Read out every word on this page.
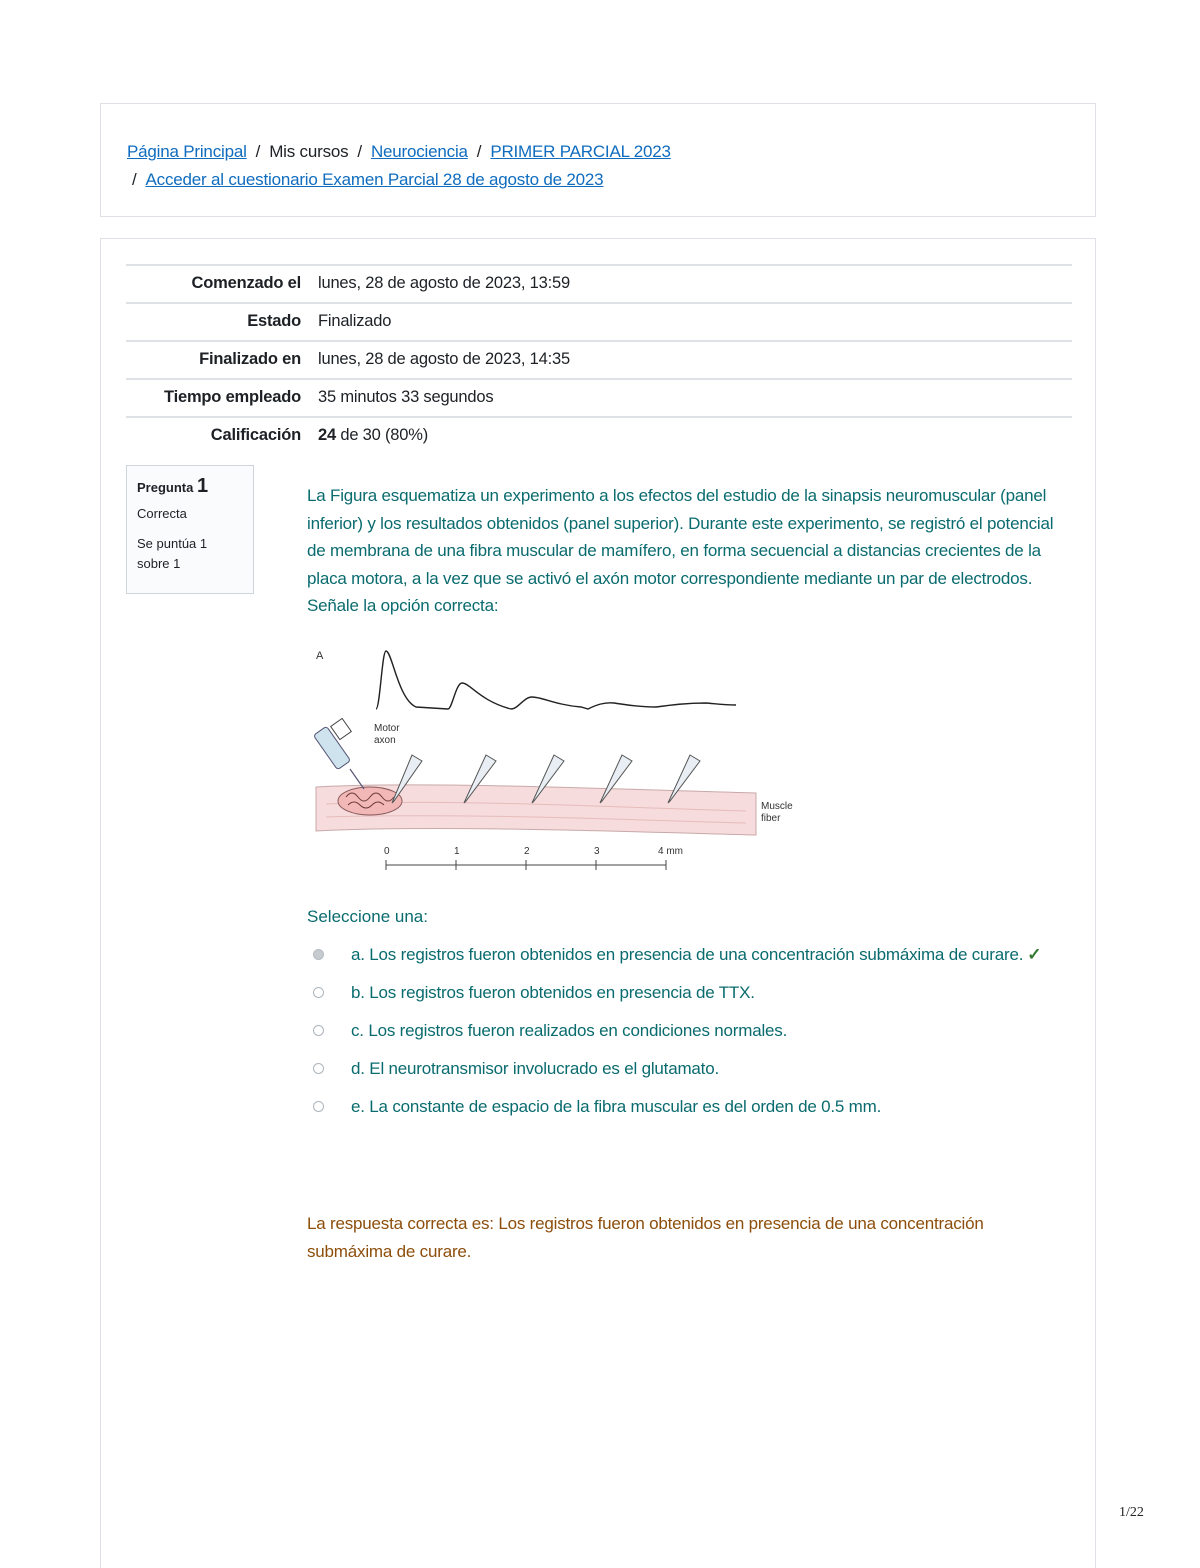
Página Principal / Mis cursos / Neurociencia / PRIMER PARCIAL 2023
/ Acceder al cuestionario Examen Parcial 28 de agosto de 2023
Comenzado el	lunes, 28 de agosto de 2023, 13:59
Estado	Finalizado
Finalizado en	lunes, 28 de agosto de 2023, 14:35
Tiempo empleado	35 minutos 33 segundos
Calificación	24 de 30 (80%)
Pregunta 1
Correcta
Se puntúa 1 sobre 1
La Figura esquematiza un experimento a los efectos del estudio de la sinapsis neuromuscular (panel inferior) y los resultados obtenidos (panel superior). Durante este experimento, se registró el potencial de membrana de una fibra muscular de mamífero, en forma secuencial a distancias crecientes de la placa motora, a la vez que se activó el axón motor correspondiente mediante un par de electrodos. Señale la opción correcta:
A
Motor
axon
Muscle
fiber
0	1	2	3	4 mm
Seleccione una:
a. Los registros fueron obtenidos en presencia de una concentración submáxima de curare. ✓
b. Los registros fueron obtenidos en presencia de TTX.
c. Los registros fueron realizados en condiciones normales.
d. El neurotransmisor involucrado es el glutamato.
e. La constante de espacio de la fibra muscular es del orden de 0.5 mm.
La respuesta correcta es: Los registros fueron obtenidos en presencia de una concentración submáxima de curare.
1/22
